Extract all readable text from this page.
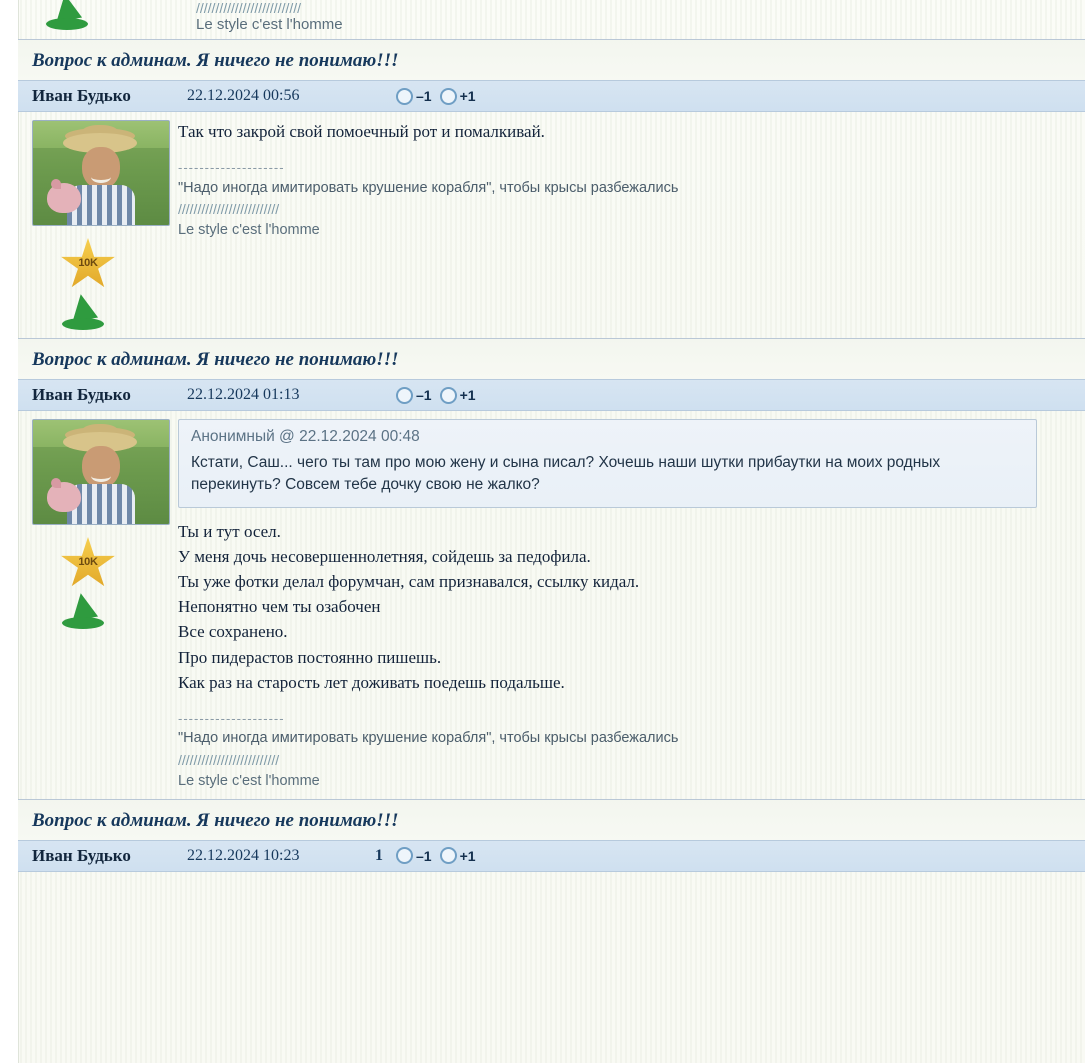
///////////////////////////
Le style c'est l'homme
Вопрос к админам. Я ничего не понимаю!!!
Иван Будько	22.12.2024 00:56	–1 +1
10K

Так что закрой свой помоечный рот и помалкивай.

--------------------
"Надо иногда имитировать крушение корабля", чтобы крысы разбежались
//////////////////////////
Le style c'est l'homme
Вопрос к админам. Я ничего не понимаю!!!
Иван Будько	22.12.2024 01:13	–1 +1
10K
Анонимный @ 22.12.2024 00:48
Кстати, Саш... чего ты там про мою жену и сына писал? Хочешь наши шутки прибаутки на моих родных перекинуть? Совсем тебе дочку свою не жалко?

Ты и тут осел.

У меня дочь несовершеннолетняя, сойдешь за педофила.

Ты уже фотки делал форумчан, сам признавался, ссылку кидал.

Непонятно чем ты озабочен

Все сохранено.

Про пидерастов постоянно пишешь.

Как раз на старость лет доживать поедешь подальше.

--------------------
"Надо иногда имитировать крушение корабля", чтобы крысы разбежались
//////////////////////////
Le style c'est l'homme
Вопрос к админам. Я ничего не понимаю!!!
Иван Будько	22.12.2024 10:23	1	–1 +1
